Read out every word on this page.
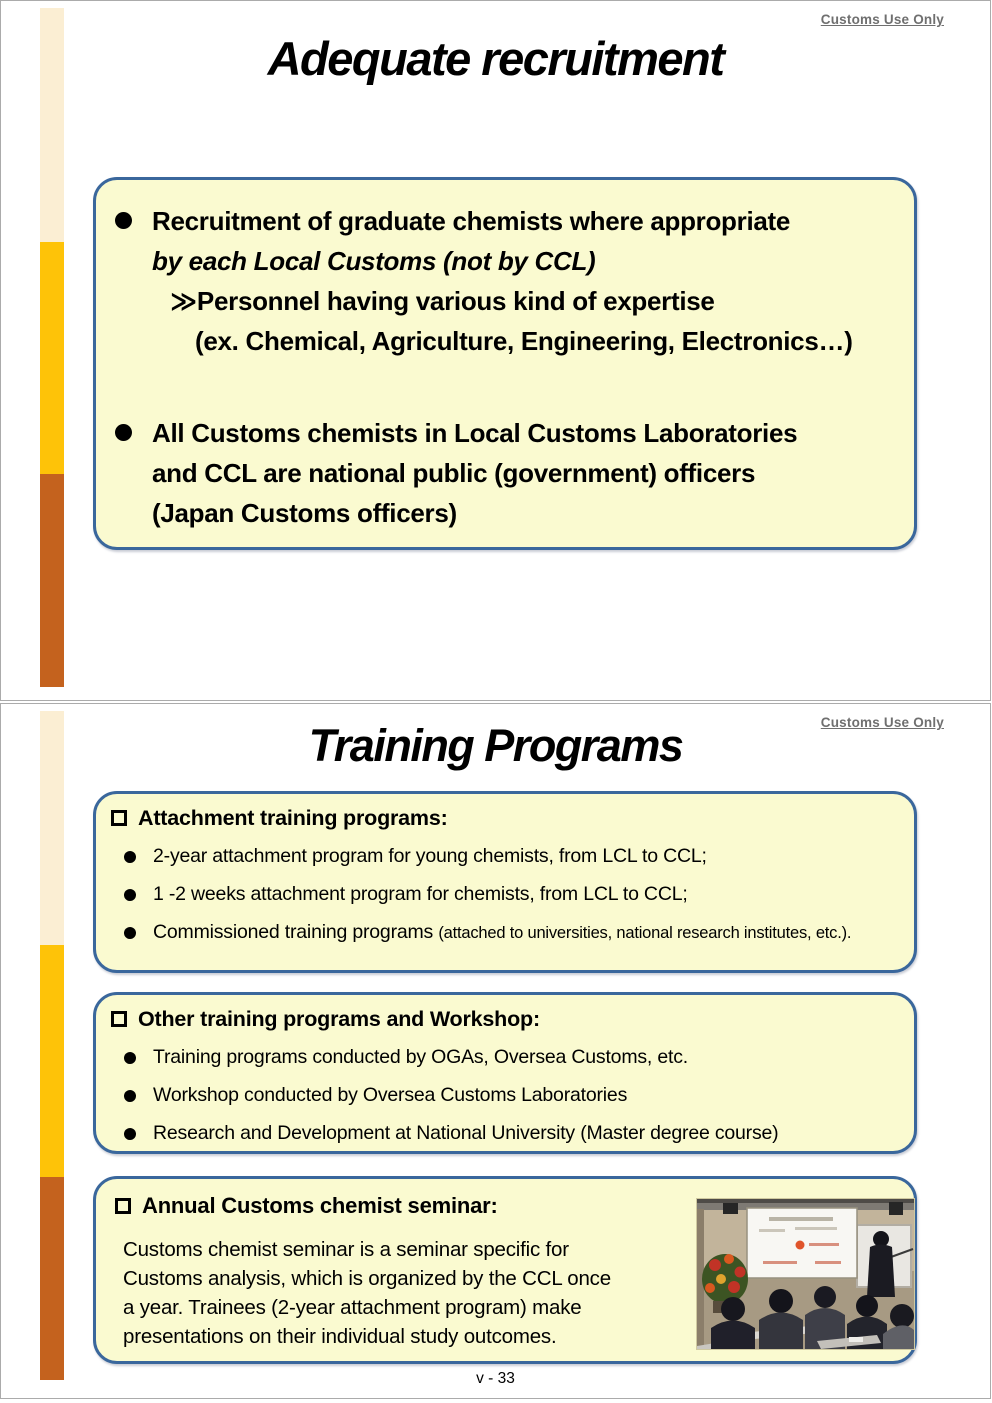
Customs Use Only
Adequate recruitment
Recruitment of graduate chemists where appropriate
by each Local Customs (not by CCL)
≫Personnel having various kind of expertise
(ex. Chemical, Agriculture, Engineering, Electronics…)
All Customs chemists in Local Customs Laboratories
and CCL are national public (government) officers
(Japan Customs officers)
Customs Use Only
Training Programs
Attachment training programs:
2-year attachment program for young chemists, from LCL to CCL;
1 -2 weeks attachment program for chemists, from LCL to CCL;
Commissioned training programs (attached to universities, national research institutes, etc.).
Other training programs and Workshop:
Training programs conducted by OGAs, Oversea Customs, etc.
Workshop conducted by Oversea Customs Laboratories
Research and Development at National University (Master degree course)
Annual Customs chemist seminar:
Customs chemist seminar is a seminar specific for
Customs analysis, which is organized by the CCL once
a year. Trainees (2-year attachment program) make
presentations on their individual study outcomes.
v - 33
